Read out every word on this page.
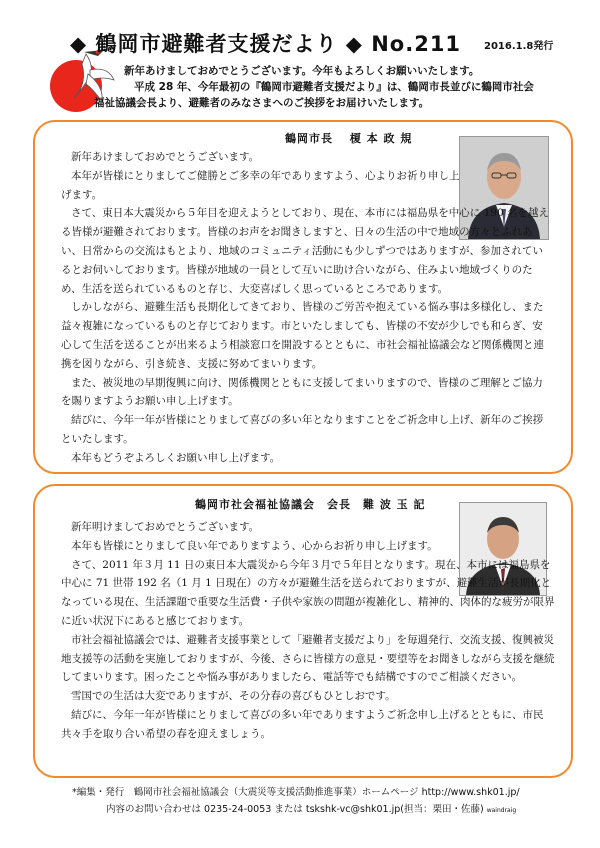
◆ 鶴岡市避難者支援だより ◆ No.211	2016.1.8発行

新年あけましておめでとうございます。今年もよろしくお願いいたします。

平成 28 年、今年最初の『鶴岡市避難者支援だより』は、鶴岡市長並びに鶴岡市社会

福祉協議会長より、避難者のみなさまへのご挨拶をお届けいたします。

鶴岡市長　 榎 本 政 規

新年あけましておめでとうございます。

本年が皆様にとりましてご健勝とご多幸の年でありますよう、心よりお祈り申し上げます。

さて、東日本大震災から５年目を迎えようとしており、現在、本市には福島県を中心に 190 名を越える皆様が避難されております。皆様のお声をお聞きしますと、日々の生活の中で地域の方々とふれあい、日常からの交流はもとより、地域のコミュニティ活動にも少しずつではありますが、参加されているとお伺いしております。皆様が地域の一員として互いに助け合いながら、住みよい地域づくりのため、生活を送られているものと存じ、大変喜ばしく思っているところであります。

しかしながら、避難生活も長期化してきており、皆様のご労苦や抱えている悩み事は多様化し、また益々複雑になっているものと存じております。市といたしましても、皆様の不安が少しでも和らぎ、安心して生活を送ることが出来るよう相談窓口を開設するとともに、市社会福祉協議会など関係機関と連携を図りながら、引き続き、支援に努めてまいります。

また、被災地の早期復興に向け、関係機関とともに支援してまいりますので、皆様のご理解とご協力を賜りますようお願い申し上げます。

結びに、今年一年が皆様にとりまして喜びの多い年となりますことをご祈念申し上げ、新年のご挨拶といたします。

本年もどうぞよろしくお願い申し上げます。

鶴岡市社会福祉協議会　会長　難 波 玉 記

新年明けましておめでとうございます。

本年も皆様にとりまして良い年でありますよう、心からお祈り申し上げます。

さて、2011 年３月 11 日の東日本大震災から今年３月で５年目となります。現在、本市には福島県を中心に 71 世帯 192 名（1 月 1 日現在）の方々が避難生活を送られておりますが、避難生活が長期化となっている現在、生活課題で重要な生活費・子供や家族の問題が複雑化し、精神的、肉体的な疲労が限界に近い状況下にあると感じております。

市社会福祉協議会では、避難者支援事業として「避難者支援だより」を毎週発行、交流支援、復興被災地支援等の活動を実施しておりますが、今後、さらに皆様方の意見・要望等をお聞きしながら支援を継続してまいります。困ったことや悩み事がありましたら、電話等でも結構ですのでご相談ください。

雪国での生活は大変でありますが、その分春の喜びもひとしおです。

結びに、今年一年が皆様にとりまして喜びの多い年でありますようご祈念申し上げるとともに、市民共々手を取り合い希望の春を迎えましょう。

*編集・発行　鶴岡市社会福祉協議会（大震災等支援活動推進事業）ホームページ http://www.shk01.jp/

内容のお問い合わせは 0235-24-0053 または tskshk-vc@shk01.jp(担当：栗田・佐藤) waindraig
